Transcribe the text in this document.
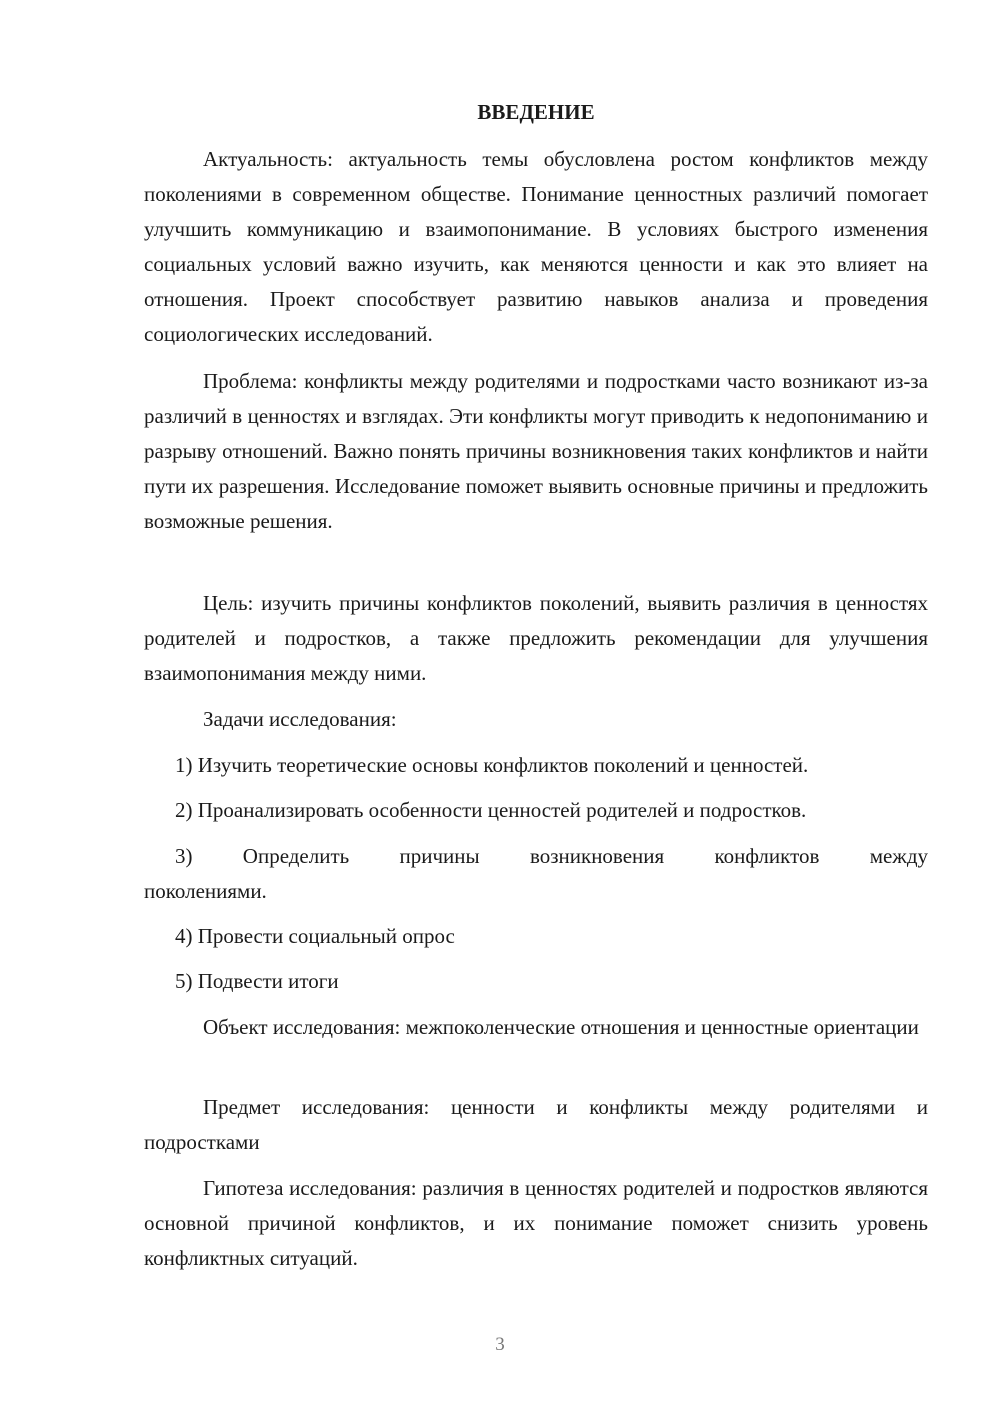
ВВЕДЕНИЕ

Актуальность: актуальность темы обусловлена ростом конфликтов между поколениями в современном обществе. Понимание ценностных различий помогает улучшить коммуникацию и взаимопонимание. В условиях быстрого изменения социальных условий важно изучить, как меняются ценности и как это влияет на отношения. Проект способствует развитию навыков анализа и проведения социологических исследований.

Проблема: конфликты между родителями и подростками часто возникают из-за различий в ценностях и взглядах. Эти конфликты могут приводить к недопониманию и разрыву отношений. Важно понять причины возникновения таких конфликтов и найти пути их разрешения. Исследование поможет выявить основные причины и предложить возможные решения.

Цель: изучить причины конфликтов поколений, выявить различия в ценностях родителей и подростков, а также предложить рекомендации для улучшения взаимопонимания между ними.

Задачи исследования:

1) Изучить теоретические основы конфликтов поколений и ценностей.

2) Проанализировать особенности ценностей родителей и подростков.

3) Определить причины возникновения конфликтов между поколениями.

4) Провести социальный опрос

5) Подвести итоги

Объект исследования: межпоколенческие отношения и ценностные ориентации

Предмет исследования: ценности и конфликты между родителями и подростками

Гипотеза исследования: различия в ценностях родителей и подростков являются основной причиной конфликтов, и их понимание поможет снизить уровень конфликтных ситуаций.

3
